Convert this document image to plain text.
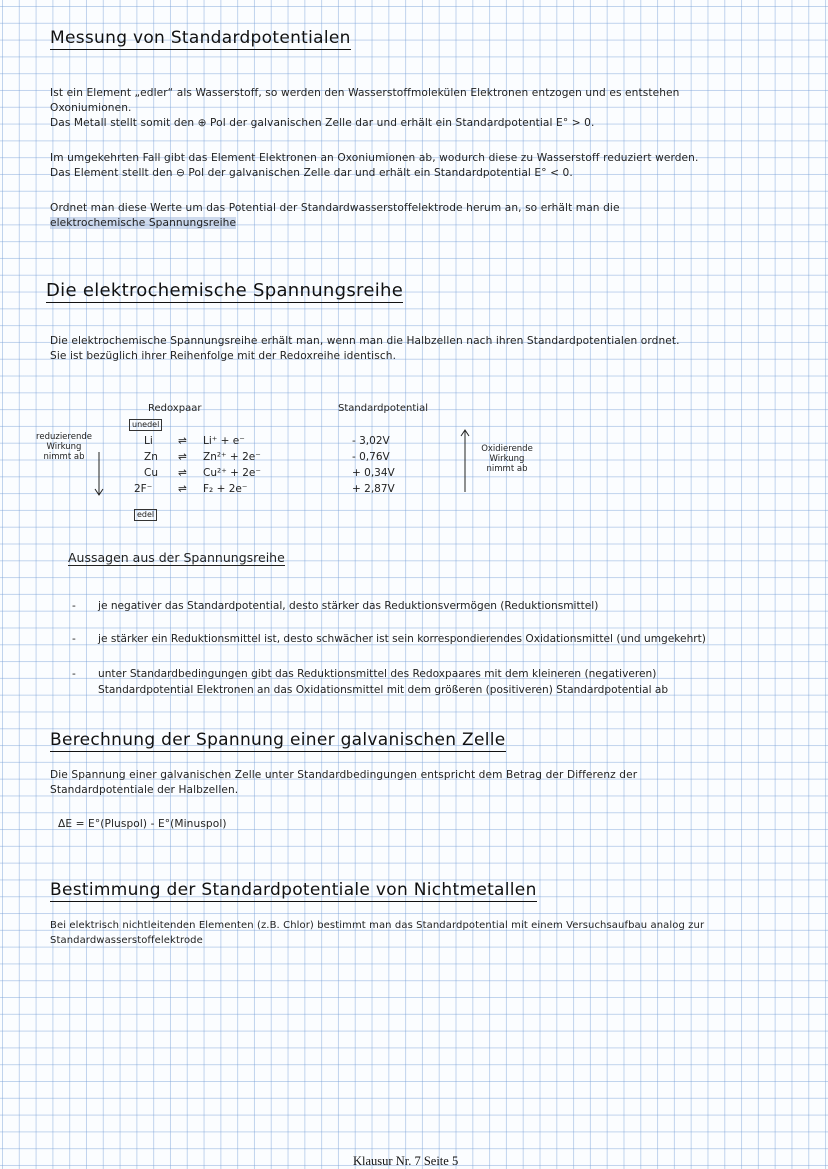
Messung von Standardpotentialen
Ist ein Element „edler“ als Wasserstoff, so werden den Wasserstoffmolekülen Elektronen entzogen und es entstehen
Oxoniumionen.
Das Metall stellt somit den ⊕ Pol der galvanischen Zelle dar und erhält ein Standardpotential E° > 0.
Im umgekehrten Fall gibt das Element Elektronen an Oxoniumionen ab, wodurch diese zu Wasserstoff reduziert werden.
Das Element stellt den ⊖ Pol der galvanischen Zelle dar und erhält ein Standardpotential E° < 0.
Ordnet man diese Werte um das Potential der Standardwasserstoffelektrode herum an, so erhält man die
elektrochemische Spannungsreihe
Die elektrochemische Spannungsreihe
Die elektrochemische Spannungsreihe erhält man, wenn man die Halbzellen nach ihren Standardpotentialen ordnet.
Sie ist bezüglich ihrer Reihenfolge mit der Redoxreihe identisch.
Redoxpaar	Standardpotential
unedel
edel
reduzierende
Wirkung
nimmt ab
Li ⇌ Li⁺ + e⁻	- 3,02V
Zn ⇌ Zn²⁺ + 2e⁻	- 0,76V
Cu ⇌ Cu²⁺ + 2e⁻	+ 0,34V
2F⁻ ⇌ F₂ + 2e⁻	+ 2,87V
Oxidierende
Wirkung
nimmt ab
Aussagen aus der Spannungsreihe
- je negativer das Standardpotential, desto stärker das Reduktionsvermögen (Reduktionsmittel)
- je stärker ein Reduktionsmittel ist, desto schwächer ist sein korrespondierendes Oxidationsmittel (und umgekehrt)
- unter Standardbedingungen gibt das Reduktionsmittel des Redoxpaares mit dem kleineren (negativeren)
Standardpotential Elektronen an das Oxidationsmittel mit dem größeren (positiveren) Standardpotential ab
Berechnung der Spannung einer galvanischen Zelle
Die Spannung einer galvanischen Zelle unter Standardbedingungen entspricht dem Betrag der Differenz der
Standardpotentiale der Halbzellen.
ΔE = E°(Pluspol) - E°(Minuspol)
Bestimmung der Standardpotentiale von Nichtmetallen
Bei elektrisch nichtleitenden Elementen (z.B. Chlor) bestimmt man das Standardpotential mit einem Versuchsaufbau analog zur
Standardwasserstoffelektrode
Klausur Nr. 7 Seite 5
